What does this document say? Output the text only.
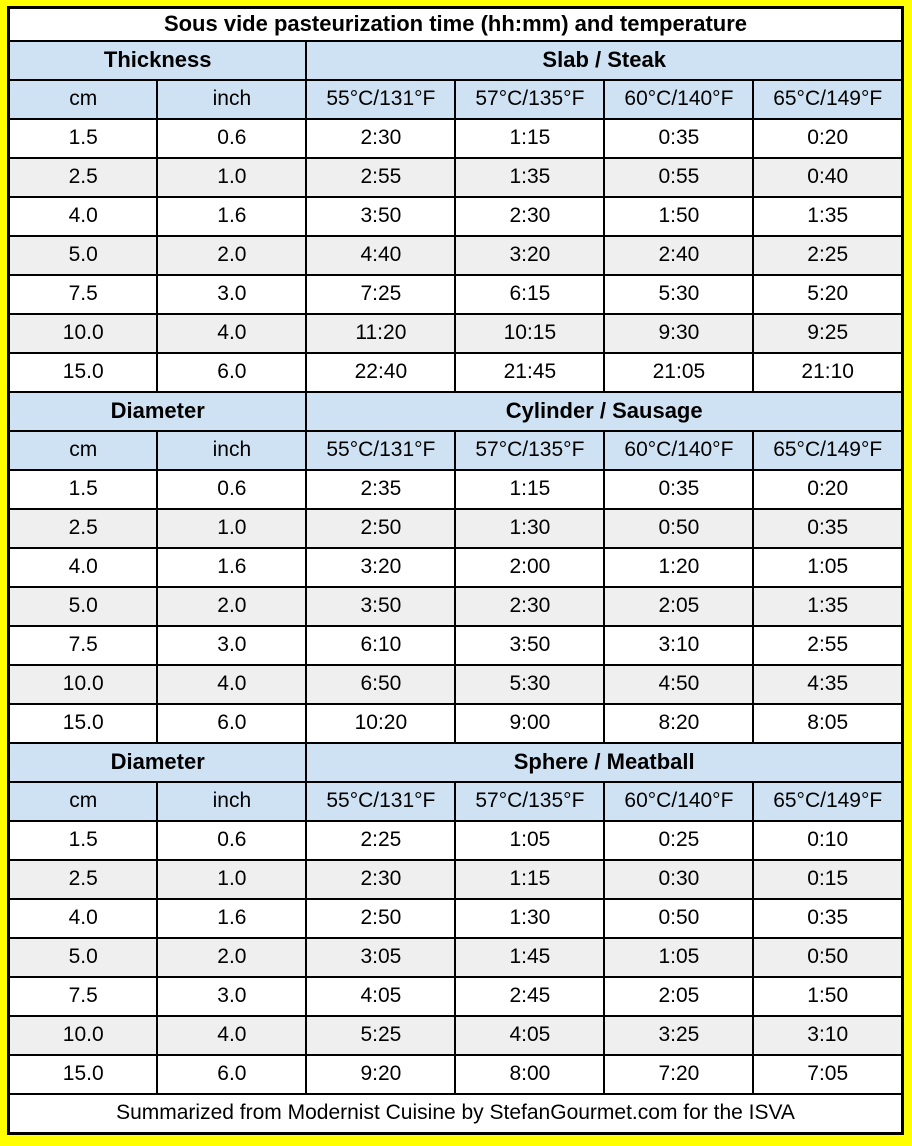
Sous vide pasteurization time (hh:mm) and temperature					
Thickness		Slab / Steak			
cm	inch	55°C/131°F	57°C/135°F	60°C/140°F	65°C/149°F
1.5	0.6	2:30	1:15	0:35	0:20
2.5	1.0	2:55	1:35	0:55	0:40
4.0	1.6	3:50	2:30	1:50	1:35
5.0	2.0	4:40	3:20	2:40	2:25
7.5	3.0	7:25	6:15	5:30	5:20
10.0	4.0	11:20	10:15	9:30	9:25
15.0	6.0	22:40	21:45	21:05	21:10
Diameter		Cylinder / Sausage			
cm	inch	55°C/131°F	57°C/135°F	60°C/140°F	65°C/149°F
1.5	0.6	2:35	1:15	0:35	0:20
2.5	1.0	2:50	1:30	0:50	0:35
4.0	1.6	3:20	2:00	1:20	1:05
5.0	2.0	3:50	2:30	2:05	1:35
7.5	3.0	6:10	3:50	3:10	2:55
10.0	4.0	6:50	5:30	4:50	4:35
15.0	6.0	10:20	9:00	8:20	8:05
Diameter		Sphere / Meatball			
cm	inch	55°C/131°F	57°C/135°F	60°C/140°F	65°C/149°F
1.5	0.6	2:25	1:05	0:25	0:10
2.5	1.0	2:30	1:15	0:30	0:15
4.0	1.6	2:50	1:30	0:50	0:35
5.0	2.0	3:05	1:45	1:05	0:50
7.5	3.0	4:05	2:45	2:05	1:50
10.0	4.0	5:25	4:05	3:25	3:10
15.0	6.0	9:20	8:00	7:20	7:05
Summarized from Modernist Cuisine by StefanGourmet.com for the ISVA					
